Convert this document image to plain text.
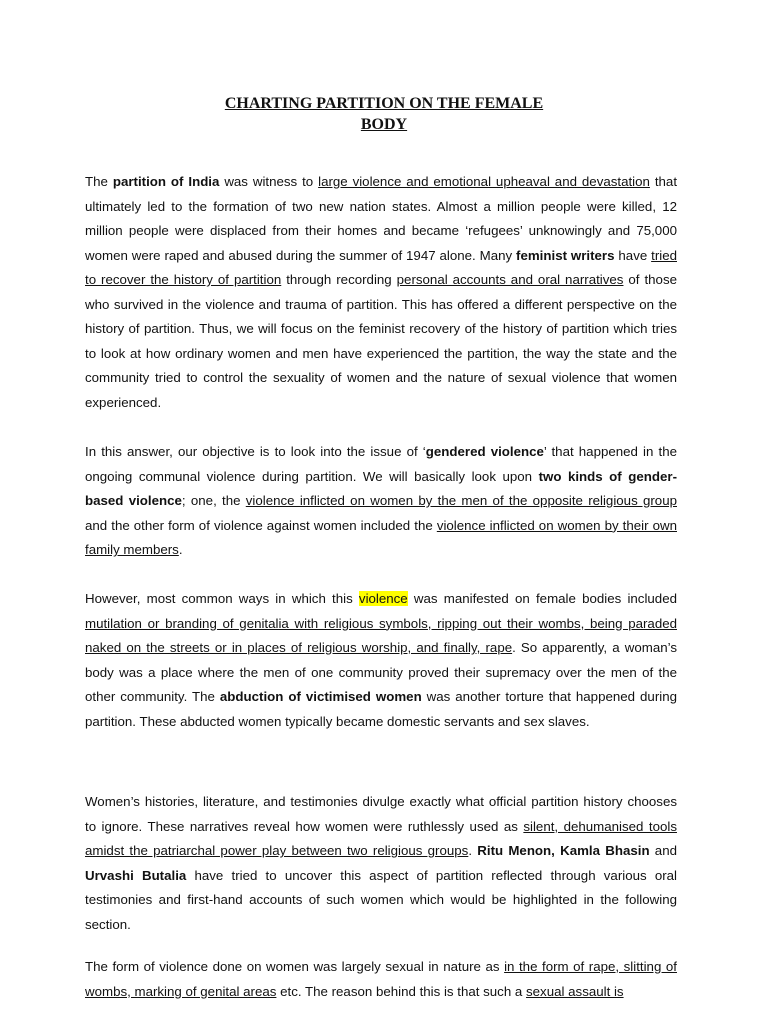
CHARTING PARTITION ON THE FEMALE
BODY
The partition of India was witness to large violence and emotional upheaval and devastation that ultimately led to the formation of two new nation states. Almost a million people were killed, 12 million people were displaced from their homes and became ‘refugees’ unknowingly and 75,000 women were raped and abused during the summer of 1947 alone. Many feminist writers have tried to recover the history of partition through recording personal accounts and oral narratives of those who survived in the violence and trauma of partition. This has offered a different perspective on the history of partition. Thus, we will focus on the feminist recovery of the history of partition which tries to look at how ordinary women and men have experienced the partition, the way the state and the community tried to control the sexuality of women and the nature of sexual violence that women experienced.
In this answer, our objective is to look into the issue of ‘gendered violence’ that happened in the ongoing communal violence during partition. We will basically look upon two kinds of gender-based violence; one, the violence inflicted on women by the men of the opposite religious group and the other form of violence against women included the violence inflicted on women by their own family members.
However, most common ways in which this violence was manifested on female bodies included mutilation or branding of genitalia with religious symbols, ripping out their wombs, being paraded naked on the streets or in places of religious worship, and finally, rape. So apparently, a woman’s body was a place where the men of one community proved their supremacy over the men of the other community. The abduction of victimised women was another torture that happened during partition. These abducted women typically became domestic servants and sex slaves.
Women’s histories, literature, and testimonies divulge exactly what official partition history chooses to ignore. These narratives reveal how women were ruthlessly used as silent, dehumanised tools amidst the patriarchal power play between two religious groups. Ritu Menon, Kamla Bhasin and Urvashi Butalia have tried to uncover this aspect of partition reflected through various oral testimonies and first-hand accounts of such women which would be highlighted in the following section.
The form of violence done on women was largely sexual in nature as in the form of rape, slitting of wombs, marking of genital areas etc. The reason behind this is that such a sexual assault is
